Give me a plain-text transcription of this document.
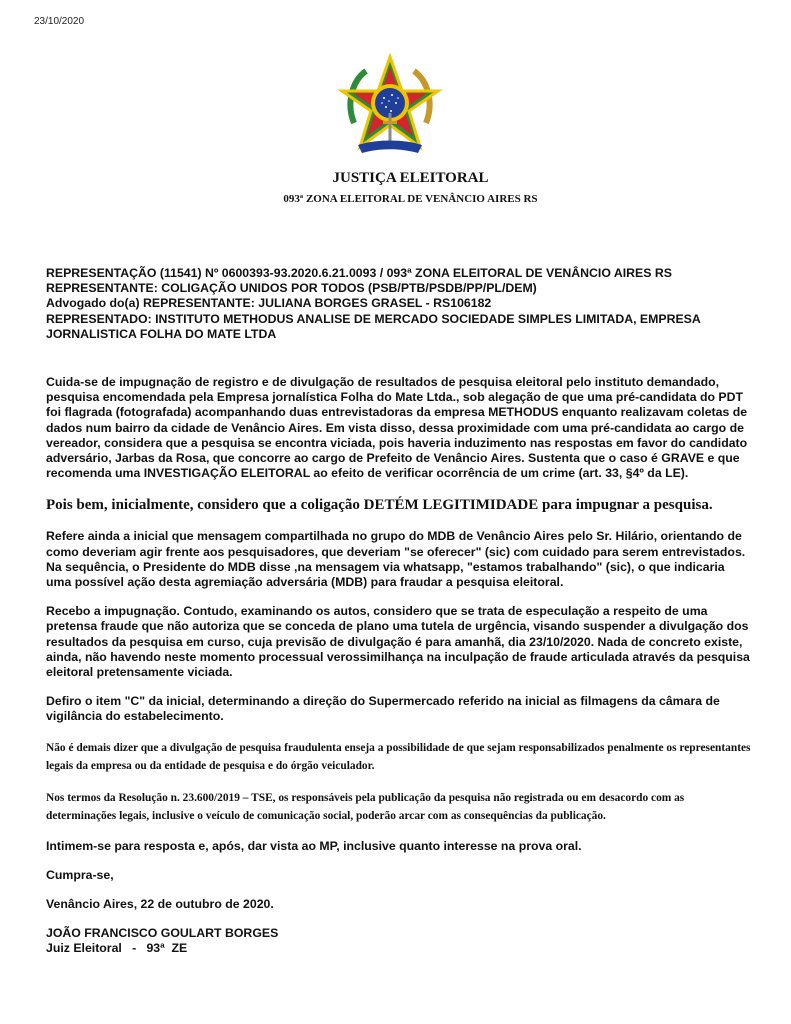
23/10/2020
JUSTIÇA ELEITORAL
093ª ZONA ELEITORAL DE VENÂNCIO AIRES RS

REPRESENTAÇÃO (11541) Nº 0600393-93.2020.6.21.0093 / 093ª ZONA ELEITORAL DE VENÂNCIO AIRES RS

REPRESENTANTE: COLIGAÇÃO UNIDOS POR TODOS (PSB/PTB/PSDB/PP/PL/DEM)

Advogado do(a) REPRESENTANTE: JULIANA BORGES GRASEL - RS106182

REPRESENTADO: INSTITUTO METHODUS ANALISE DE MERCADO SOCIEDADE SIMPLES LIMITADA, EMPRESA JORNALISTICA FOLHA DO MATE LTDA

Cuida-se de impugnação de registro e de divulgação de resultados de pesquisa eleitoral pelo instituto demandado, pesquisa encomendada pela Empresa jornalística Folha do Mate Ltda., sob alegação de que uma pré-candidata do PDT foi flagrada (fotografada) acompanhando duas entrevistadoras da empresa METHODUS enquanto realizavam coletas de dados num bairro da cidade de Venâncio Aires. Em vista disso, dessa proximidade com uma pré-candidata ao cargo de vereador, considera que a pesquisa se encontra viciada, pois haveria induzimento nas respostas em favor do candidato adversário, Jarbas da Rosa, que concorre ao cargo de Prefeito de Venâncio Aires. Sustenta que o caso é GRAVE e que recomenda uma INVESTIGAÇÃO ELEITORAL ao efeito de verificar ocorrência de um crime (art. 33, §4º da LE).

Pois bem, inicialmente, considero que a coligação DETÉM LEGITIMIDADE para impugnar a pesquisa.

Refere ainda a inicial que mensagem compartilhada no grupo do MDB de Venâncio Aires pelo Sr. Hilário, orientando de como deveriam agir frente aos pesquisadores, que deveriam "se oferecer" (sic) com cuidado para serem entrevistados. Na sequência, o Presidente do MDB disse ,na mensagem via whatsapp, "estamos trabalhando" (sic), o que indicaria uma possível ação desta agremiação adversária (MDB) para fraudar a pesquisa eleitoral.

Recebo a impugnação. Contudo, examinando os autos, considero que se trata de especulação a respeito de uma pretensa fraude que não autoriza que se conceda de plano uma tutela de urgência, visando suspender a divulgação dos resultados da pesquisa em curso, cuja previsão de divulgação é para amanhã, dia 23/10/2020. Nada de concreto existe, ainda, não havendo neste momento processual verossimilhança na inculpação de fraude articulada através da pesquisa eleitoral pretensamente viciada.

Defiro o item "C" da inicial, determinando a direção do Supermercado referido na inicial as filmagens da câmara de vigilância do estabelecimento.

Não é demais dizer que a divulgação de pesquisa fraudulenta enseja a possibilidade de que sejam responsabilizados penalmente os representantes legais da empresa ou da entidade de pesquisa e do órgão veiculador.

Nos termos da Resolução n. 23.600/2019 – TSE, os responsáveis pela publicação da pesquisa não registrada ou em desacordo com as determinações legais, inclusive o veículo de comunicação social, poderão arcar com as consequências da publicação.

Intimem-se para resposta e, após, dar vista ao MP, inclusive quanto interesse na prova oral.

Cumpra-se,

Venâncio Aires, 22 de outubro de 2020.

JOÃO FRANCISCO GOULART BORGES

Juiz Eleitoral   -   93ª  ZE
